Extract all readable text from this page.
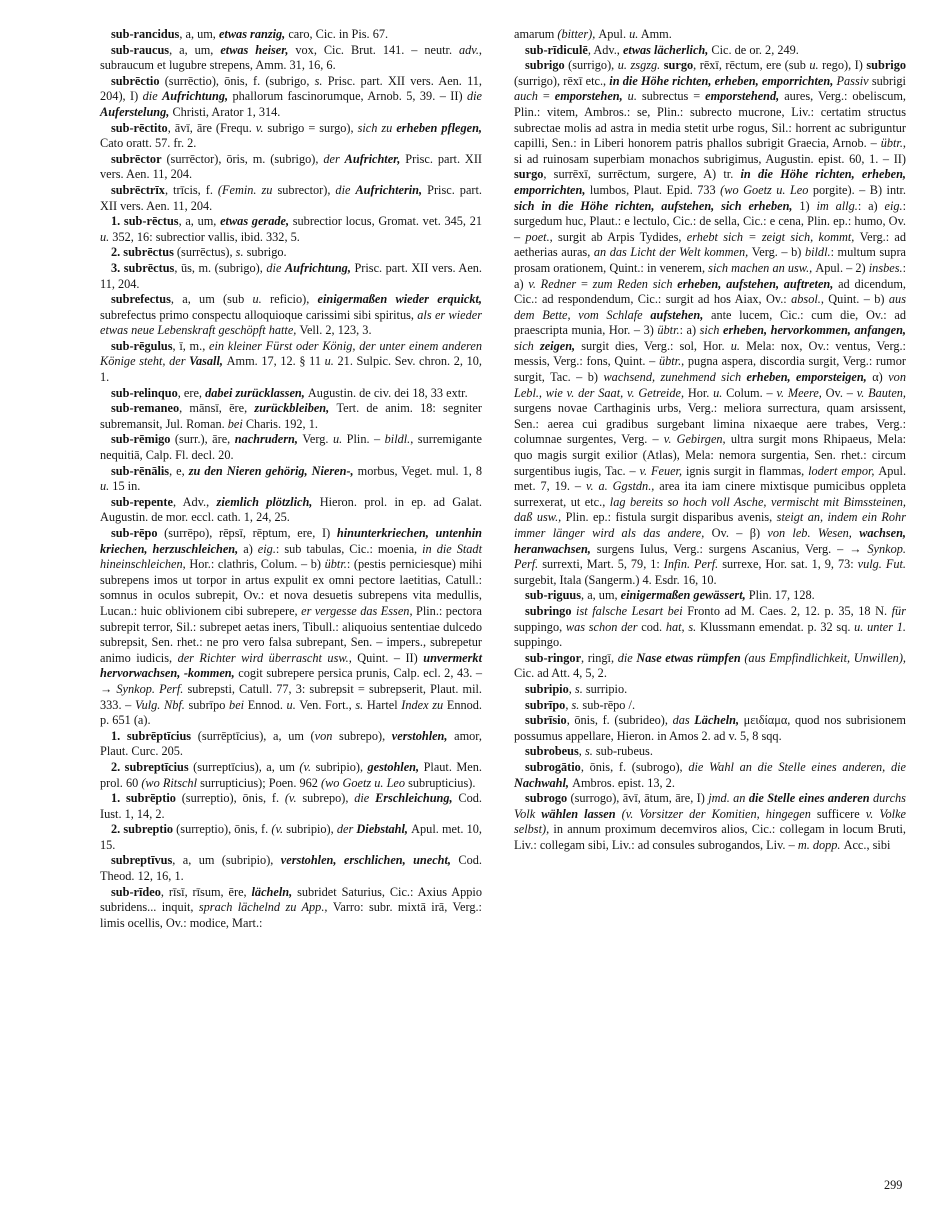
sub-rancidus, a, um, etwas ranzig, caro, Cic. in Pis. 67.

sub-raucus, a, um, etwas heiser, vox, Cic. Brut. 141. – neutr. adv., subraucum et lugubre strepens, Amm. 31, 16, 6.

subrēctio (surrēctio), ōnis, f. (subrigo, s. Prisc. part. XII vers. Aen. 11, 204), I) die Aufrichtung, phallorum fascinorumque, Arnob. 5, 39. – II) die Auferstelung, Christi, Arator 1, 314.

sub-rēctito, āvī, āre (Frequ. v. subrigo = surgo), sich zu erheben pflegen, Cato oratt. 57. fr. 2.

subrēctor (surrēctor), ōris, m. (subrigo), der Aufrichter, Prisc. part. XII vers. Aen. 11, 204.

subrēctrīx, trīcis, f. (Femin. zu subrector), die Aufrichterin, Prisc. part. XII vers. Aen. 11, 204.

1. sub-rēctus, a, um, etwas gerade, subrectior locus, Gromat. vet. 345, 21 u. 352, 16: subrectior vallis, ibid. 332, 5.

2. subrēctus (surrēctus), s. subrigo.

3. subrēctus, ūs, m. (subrigo), die Aufrichtung, Prisc. part. XII vers. Aen. 11, 204.

subrefectus, a, um (sub u. reficio), einigermaßen wieder erquickt, subrefectus primo conspectu alloquioque carissimi sibi spiritus, als er wieder etwas neue Lebenskraft geschöpft hatte, Vell. 2, 123, 3.

sub-rēgulus, ī, m., ein kleiner Fürst oder König, der unter einem anderen Könige steht, der Vasall, Amm. 17, 12. § 11 u. 21. Sulpic. Sev. chron. 2, 10, 1.

sub-relinquo, ere, dabei zurücklassen, Augustin. de civ. dei 18, 33 extr.

sub-remaneo, mānsī, ēre, zurückbleiben, Tert. de anim. 18: segniter subremansit, Jul. Roman. bei Charis. 192, 1.

sub-rēmigo (surr.), āre, nachrudern, Verg. u. Plin. – bildl., surremigante nequitiā, Calp. Fl. decl. 20.

sub-rēnālis, e, zu den Nieren gehörig, Nieren-, morbus, Veget. mul. 1, 8 u. 15 in.

sub-repente, Adv., ziemlich plötzlich, Hieron. prol. in ep. ad Galat. Augustin. de mor. eccl. cath. 1, 24, 25.

sub-rēpo (surrēpo), rēpsī, rēptum, ere, I) hinunterkriechen, untenhin kriechen, herzuschleichen, a) eig.: sub tabulas, Cic.: moenia, in die Stadt hineinschleichen, Hor.: clathris, Colum. – b) übtr.: (pestis perniciesque) mihi subrepens imos ut torpor in artus expulit ex omni pectore laetitias, Catull.: somnus in oculos subrepit, Ov.: et nova desuetis subrepens vita medullis, Lucan.: huic oblivionem cibi subrepere, er vergesse das Essen, Plin.: pectora subrepit terror, Sil.: subrepet aetas iners, Tibull.: aliquoius sententiae dulcedo subrepsit, Sen. rhet.: ne pro vero falsa subrepant, Sen. – impers., subrepetur animo iudicis, der Richter wird überrascht usw., Quint. – II) unvermerkt hervorwachsen, -kommen, cogit subrepere persica prunis, Calp. ecl. 2, 43. – → Synkop. Perf. subrepsti, Catull. 77, 3: subrepsit = subrepserit, Plaut. mil. 333. – Vulg. Nbf. subrīpo bei Ennod. u. Ven. Fort., s. Hartel Index zu Ennod. p. 651 (a).

1. subrēptīcius (surrēptīcius), a, um (von subrepo), verstohlen, amor, Plaut. Curc. 205.

2. subreptīcius (surreptīcius), a, um (v. subripio), gestohlen, Plaut. Men. prol. 60 (wo Ritschl surrupticius); Poen. 962 (wo Goetz u. Leo subrupticius).

1. subrēptio (surreptio), ōnis, f. (v. subrepo), die Erschleichung, Cod. Iust. 1, 14, 2.

2. subreptio (surreptio), ōnis, f. (v. subripio), der Diebstahl, Apul. met. 10, 15.

subreptīvus, a, um (subripio), verstohlen, erschlichen, unecht, Cod. Theod. 12, 16, 1.

sub-rīdeo, rīsī, rīsum, ēre, lächeln, subridet Saturius, Cic.: Axius Appio subridens... inquit, sprach lächelnd zu App., Varro: subr. mixtā irā, Verg.: limis ocellis, Ov.: modice, Mart.:

amarum (bitter), Apul. u. Amm.

sub-rīdiculē, Adv., etwas lächerlich, Cic. de or. 2, 249.

subrigo (surrigo), u. zsgzg. surgo, rēxī, rēctum, ere (sub u. rego), I) subrigo (surrigo), rēxī etc., in die Höhe richten, erheben, emporrichten, Passiv subrigi auch = emporstehen, u. subrectus = emporstehend, aures, Verg.: obeliscum, Plin.: vitem, Ambros.: se, Plin.: subrecto mucrone, Liv.: certatim structus subrectae molis ad astra in media stetit urbe rogus, Sil.: horrent ac subriguntur capilli, Sen.: in Liberi honorem patris phallos subrigit Graecia, Arnob. – übtr., si ad ruinosam superbiam monachos subrigimus, Augustin. epist. 60, 1. – II) surgo, surrēxī, surrēctum, surgere, A) tr. in die Höhe richten, erheben, emporrichten, lumbos, Plaut. Epid. 733 (wo Goetz u. Leo porgite). – B) intr. sich in die Höhe richten, aufstehen, sich erheben, 1) im allg.: a) eig.: surgedum huc, Plaut.: e lectulo, Cic.: de sella, Cic.: e cena, Plin. ep.: humo, Ov. – poet., surgit ab Arpis Tydides, erhebt sich = zeigt sich, kommt, Verg.: ad aetherias auras, an das Licht der Welt kommen, Verg. – b) bildl.: multum supra prosam orationem, Quint.: in venerem, sich machen an usw., Apul. – 2) insbes.: a) v. Redner = zum Reden sich erheben, aufstehen, auftreten, ad dicendum, Cic.: ad respondendum, Cic.: surgit ad hos Aiax, Ov.: absol., Quint. – b) aus dem Bette, vom Schlafe aufstehen, ante lucem, Cic.: cum die, Ov.: ad praescripta munia, Hor. – 3) übtr.: a) sich erheben, hervorkommen, anfangen, sich zeigen, surgit dies, Verg.: sol, Hor. u. Mela: nox, Ov.: ventus, Verg.: messis, Verg.: fons, Quint. – übtr., pugna aspera, discordia surgit, Verg.: rumor surgit, Tac. – b) wachsend, zunehmend sich erheben, emporsteigen, α) von Lebl., wie v. der Saat, v. Getreide, Hor. u. Colum. – v. Meere, Ov. – v. Bauten, surgens novae Carthaginis urbs, Verg.: meliora surrectura, quam arsissent, Sen.: aerea cui gradibus surgebant limina nixaeque aere trabes, Verg.: columnae surgentes, Verg. – v. Gebirgen, ultra surgit mons Rhipaeus, Mela: quo magis surgit exilior (Atlas), Mela: nemora surgentia, Sen. rhet.: circum surgentibus iugis, Tac. – v. Feuer, ignis surgit in flammas, lodert empor, Apul. met. 7, 19. – v. a. Ggstdn., area ita iam cinere mixtisque pumicibus oppleta surrexerat, ut etc., lag bereits so hoch voll Asche, vermischt mit Bimssteinen, daß usw., Plin. ep.: fistula surgit disparibus avenis, steigt an, indem ein Rohr immer länger wird als das andere, Ov. – β) von leb. Wesen, wachsen, heranwachsen, surgens Iulus, Verg.: surgens Ascanius, Verg. – → Synkop. Perf. surrexti, Mart. 5, 79, 1: Infin. Perf. surrexe, Hor. sat. 1, 9, 73: vulg. Fut. surgebit, Itala (Sangerm.) 4. Esdr. 16, 10.

sub-riguus, a, um, einigermaßen gewässert, Plin. 17, 128.

subringo ist falsche Lesart bei Fronto ad M. Caes. 2, 12. p. 35, 18 N. für suppingo, was schon der cod. hat, s. Klussmann emendat. p. 32 sq. u. unter 1. suppingo.

sub-ringor, ringī, die Nase etwas rümpfen (aus Empfindlichkeit, Unwillen), Cic. ad Att. 4, 5, 2.

subripio, s. surripio.

subrīpo, s. sub-rēpo /.

subrīsio, ōnis, f. (subrideo), das Lächeln, μειδίαμα, quod nos subrisionem possumus appellare, Hieron. in Amos 2. ad v. 5, 8 sqq.

subrobeus, s. sub-rubeus.

subrogātio, ōnis, f. (subrogo), die Wahl an die Stelle eines anderen, die Nachwahl, Ambros. epist. 13, 2.

subrogo (surrogo), āvī, ātum, āre, I) jmd. an die Stelle eines anderen durchs Volk wählen lassen (v. Vorsitzer der Komitien, hingegen sufficere v. Volke selbst), in annum proximum decemviros alios, Cic.: collegam in locum Bruti, Liv.: collegam sibi, Liv.: ad consules subrogandos, Liv. – m. dopp. Acc., sibi

299
